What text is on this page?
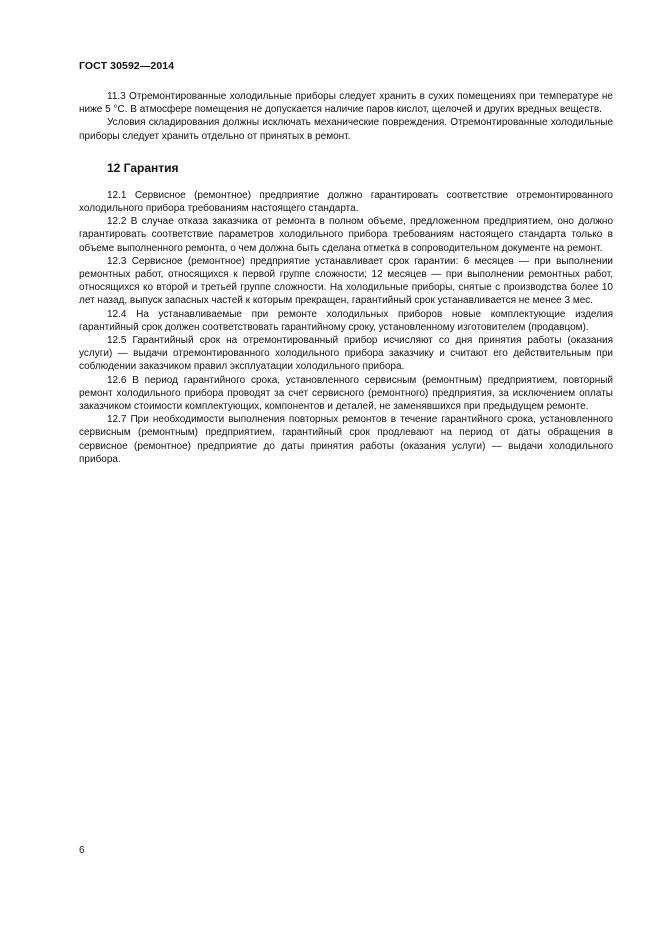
ГОСТ 30592—2014

11.3 Отремонтированные холодильные приборы следует хранить в сухих помещениях при температуре не ниже 5 °С. В атмосфере помещения не допускается наличие паров кислот, щелочей и других вредных веществ.

Условия складирования должны исключать механические повреждения. Отремонтированные холодильные приборы следует хранить отдельно от принятых в ремонт.

12 Гарантия

12.1 Сервисное (ремонтное) предприятие должно гарантировать соответствие отремонтированного холодильного прибора требованиям настоящего стандарта.

12.2 В случае отказа заказчика от ремонта в полном объеме, предложенном предприятием, оно должно гарантировать соответствие параметров холодильного прибора требованиям настоящего стандарта только в объеме выполненного ремонта, о чем должна быть сделана отметка в сопроводительном документе на ремонт.

12.3 Сервисное (ремонтное) предприятие устанавливает срок гарантии: 6 месяцев — при выполнении ремонтных работ, относящихся к первой группе сложности; 12 месяцев — при выполнении ремонтных работ, относящихся ко второй и третьей группе сложности. На холодильные приборы, снятые с производства более 10 лет назад, выпуск запасных частей к которым прекращен, гарантийный срок устанавливается не менее 3 мес.

12.4 На устанавливаемые при ремонте холодильных приборов новые комплектующие изделия гарантийный срок должен соответствовать гарантийному сроку, установленному изготовителем (продавцом).

12.5 Гарантийный срок на отремонтированный прибор исчисляют со дня принятия работы (оказания услуги) — выдачи отремонтированного холодильного прибора заказчику и считают его действительным при соблюдении заказчиком правил эксплуатации холодильного прибора.

12.6 В период гарантийного срока, установленного сервисным (ремонтным) предприятием, повторный ремонт холодильного прибора проводят за счет сервисного (ремонтного) предприятия, за исключением оплаты заказчиком стоимости комплектующих, компонентов и деталей, не заменявшихся при предыдущем ремонте.

12.7 При необходимости выполнения повторных ремонтов в течение гарантийного срока, установленного сервисным (ремонтным) предприятием, гарантийный срок продлевают на период от даты обращения в сервисное (ремонтное) предприятие до даты принятия работы (оказания услуги) — выдачи холодильного прибора.

6
